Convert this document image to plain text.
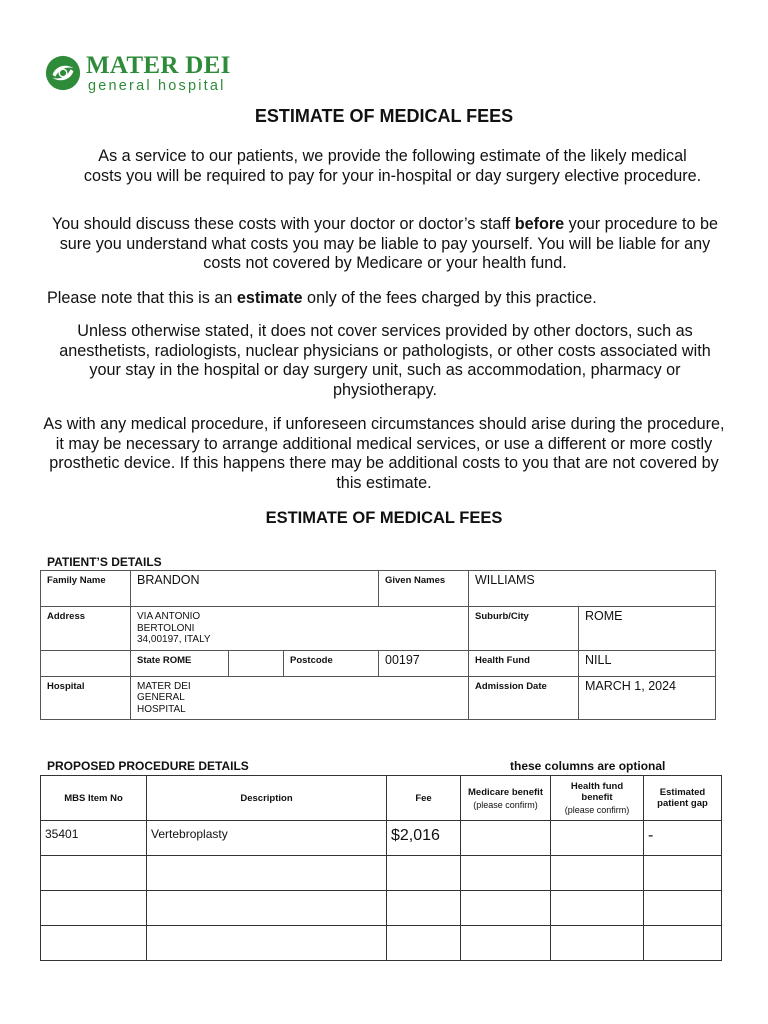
MATER DEI
general hospital
ESTIMATE OF MEDICAL FEES
As a service to our patients, we provide the following estimate of the likely medical costs you will be required to pay for your in-hospital or day surgery elective procedure.
You should discuss these costs with your doctor or doctor’s staff before your procedure to be sure you understand what costs you may be liable to pay yourself. You will be liable for any costs not covered by Medicare or your health fund.
Please note that this is an estimate only of the fees charged by this practice.
Unless otherwise stated, it does not cover services provided by other doctors, such as anesthetists, radiologists, nuclear physicians or pathologists, or other costs associated with your stay in the hospital or day surgery unit, such as accommodation, pharmacy or physiotherapy.
As with any medical procedure, if unforeseen circumstances should arise during the procedure, it may be necessary to arrange additional medical services, or use a different or more costly prosthetic device. If this happens there may be additional costs to you that are not covered by this estimate.
ESTIMATE OF MEDICAL FEES
PATIENT’S DETAILS
Family Name	BRANDON			Given Names	WILLIAMS	
Address	VIA ANTONIO
BERTOLONI
34,00197, ITALY				Suburb/City	ROME
	State ROME		Postcode	00197	Health Fund	NILL
Hospital	MATER DEI
GENERAL
HOSPITAL				Admission Date	MARCH 1, 2024
PROPOSED PROCEDURE DETAILS	these columns are optional
MBS Item No	Description	Fee	Medicare benefit
(please confirm)	Health fund benefit
(please confirm)	Estimated patient gap
35401	Vertebroplasty	$2,016			-
